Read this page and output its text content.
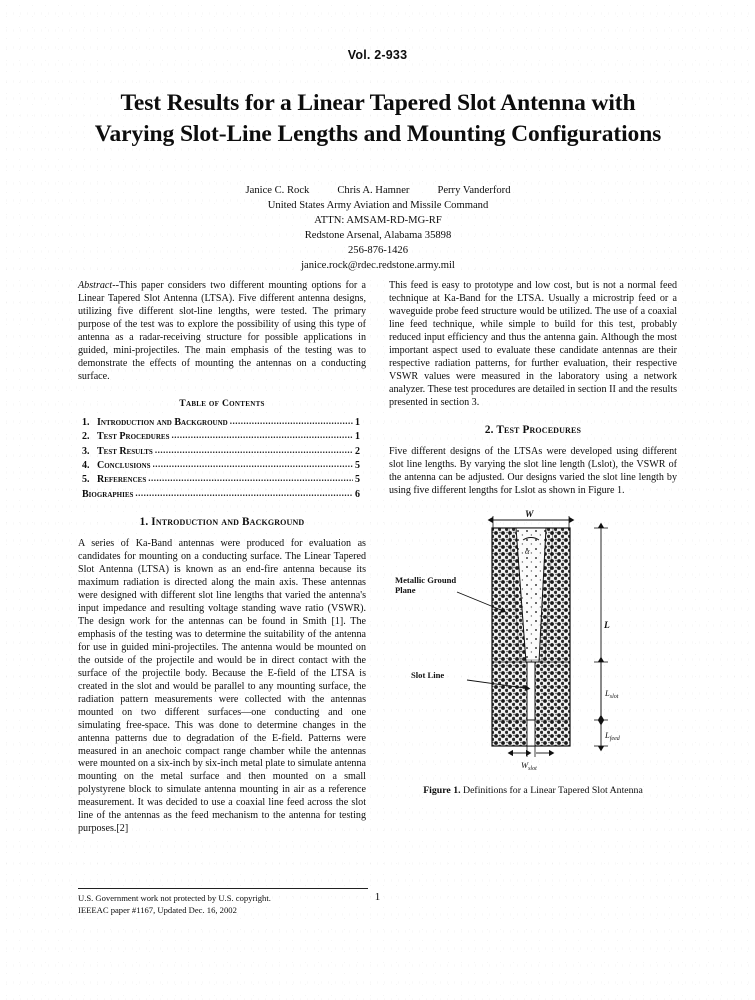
Vol. 2-933
Test Results for a Linear Tapered Slot Antenna with Varying Slot-Line Lengths and Mounting Configurations
Janice C. Rock	Chris A. Hamner	Perry Vanderford
United States Army Aviation and Missile Command
ATTN: AMSAM-RD-MG-RF
Redstone Arsenal, Alabama 35898
256-876-1426
janice.rock@rdec.redstone.army.mil

Abstract--This paper considers two different mounting options for a Linear Tapered Slot Antenna (LTSA). Five different antenna designs, utilizing five different slot-line lengths, were tested. The primary purpose of the test was to explore the possibility of using this type of antenna as a radar-receiving structure for possible applications in guided, mini-projectiles. The main emphasis of the testing was to demonstrate the effects of mounting the antennas on a conducting surface.

Table of Contents
1. Introduction and Background .....	1
2. Test Procedures .....	1
3. Test Results .....	2
4. Conclusions .....	5
5. References .....	5
Biographies .....	6
1. Introduction and Background

A series of Ka-Band antennas were produced for evaluation as candidates for mounting on a conducting surface. The Linear Tapered Slot Antenna (LTSA) is known as an end-fire antenna because its maximum radiation is directed along the main axis. These antennas were designed with different slot line lengths that varied the antenna's input impedance and resulting voltage standing wave ratio (VSWR). The design work for the antennas can be found in Smith [1]. The emphasis of the testing was to determine the suitability of the antenna for use in guided mini-projectiles. The antenna would be mounted on the outside of the projectile and would be in direct contact with the surface of the projectile body. Because the E-field of the LTSA is created in the slot and would be parallel to any mounting surface, the radiation pattern measurements were collected with the antennas mounted on two different surfaces—one conducting and one simulating free-space. This was done to determine changes in the antenna patterns due to degradation of the E-field. Patterns were measured in an anechoic compact range chamber while the antennas were mounted on a six-inch by six-inch metal plate to simulate antenna mounting on the metal surface and then mounted on a small polystyrene block to simulate antenna mounting in air as a reference measurement. It was decided to use a coaxial line feed across the slot line of the antennas as the feed mechanism to the antenna for testing purposes.[2]

This feed is easy to prototype and low cost, but is not a normal feed technique at Ka-Band for the LTSA. Usually a microstrip feed or a waveguide probe feed structure would be utilized. The use of a coaxial line feed technique, while simple to build for this test, probably reduced input efficiency and thus the antenna gain. Although the most important aspect used to evaluate these candidate antennas are their respective radiation patterns, for further evaluation, their respective VSWR values were measured in the laboratory using a network analyzer. These test procedures are detailed in section II and the results presented in section 3.

2. Test Procedures

Five different designs of the LTSAs were developed using different slot line lengths. By varying the slot line length (Lslot), the VSWR of the antenna can be adjusted. Our designs varied the slot line length by using five different lengths for Lslot as shown in Figure 1.

α
W
L
$L_{slot}$
$L_{feed}$
$W_{slot}$
Metallic Ground Plane
Slot Line
Figure 1. Definitions for a Linear Tapered Slot Antenna
U.S. Government work not protected by U.S. copyright.
IEEEAC paper #1167, Updated Dec. 16, 2002
1
